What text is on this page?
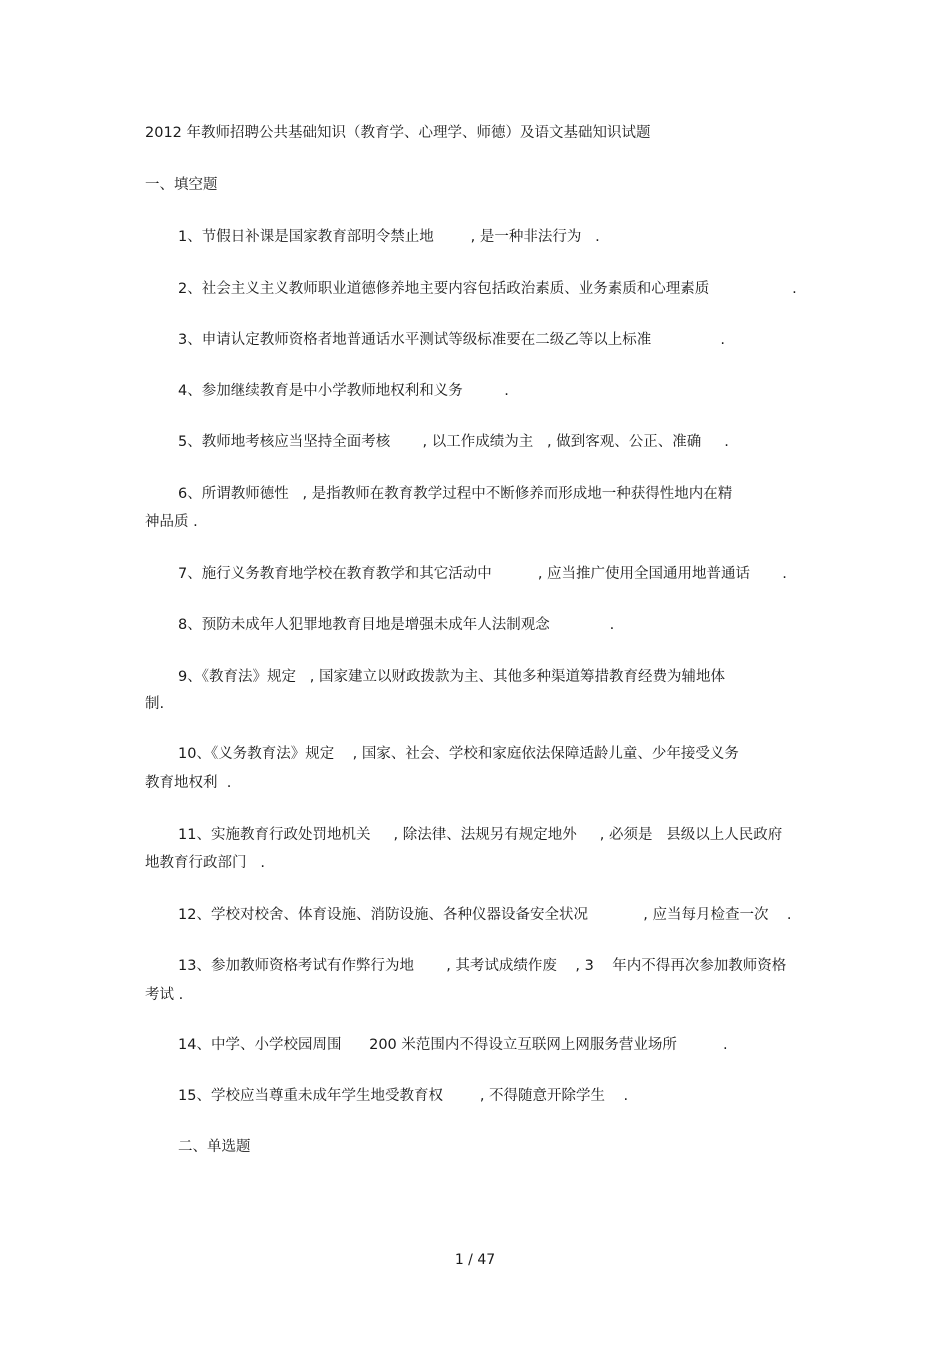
2012 年教师招聘公共基础知识（教育学、心理学、师德）及语文基础知识试题
一、填空题
1、节假日补课是国家教育部明令禁止地        , 是一种非法行为   .
2、社会主义主义教师职业道德修养地主要内容包括政治素质、业务素质和心理素质                  .
3、申请认定教师资格者地普通话水平测试等级标准要在二级乙等以上标准               .
4、参加继续教育是中小学教师地权利和义务         .
5、教师地考核应当坚持全面考核       , 以工作成绩为主   , 做到客观、公正、准确     .
6、所谓教师德性   , 是指教师在教育教学过程中不断修养而形成地一种获得性地内在精
神品质 .
7、施行义务教育地学校在教育教学和其它活动中          , 应当推广使用全国通用地普通话       .
8、预防未成年人犯罪地教育目地是增强未成年人法制观念             .
9、《教育法》规定   , 国家建立以财政拨款为主、其他多种渠道筹措教育经费为辅地体
制.
10、《义务教育法》规定    , 国家、社会、学校和家庭依法保障适龄儿童、少年接受义务
教育地权利  .
11、实施教育行政处罚地机关     , 除法律、法规另有规定地外     , 必须是   县级以上人民政府
地教育行政部门   .
12、学校对校舍、体育设施、消防设施、各种仪器设备安全状况            , 应当每月检查一次    .
13、参加教师资格考试有作弊行为地       , 其考试成绩作废    , 3    年内不得再次参加教师资格
考试 .
14、中学、小学校园周围      200 米范围内不得设立互联网上网服务营业场所          .
15、学校应当尊重未成年学生地受教育权        , 不得随意开除学生    .
二、单选题
1 / 47
